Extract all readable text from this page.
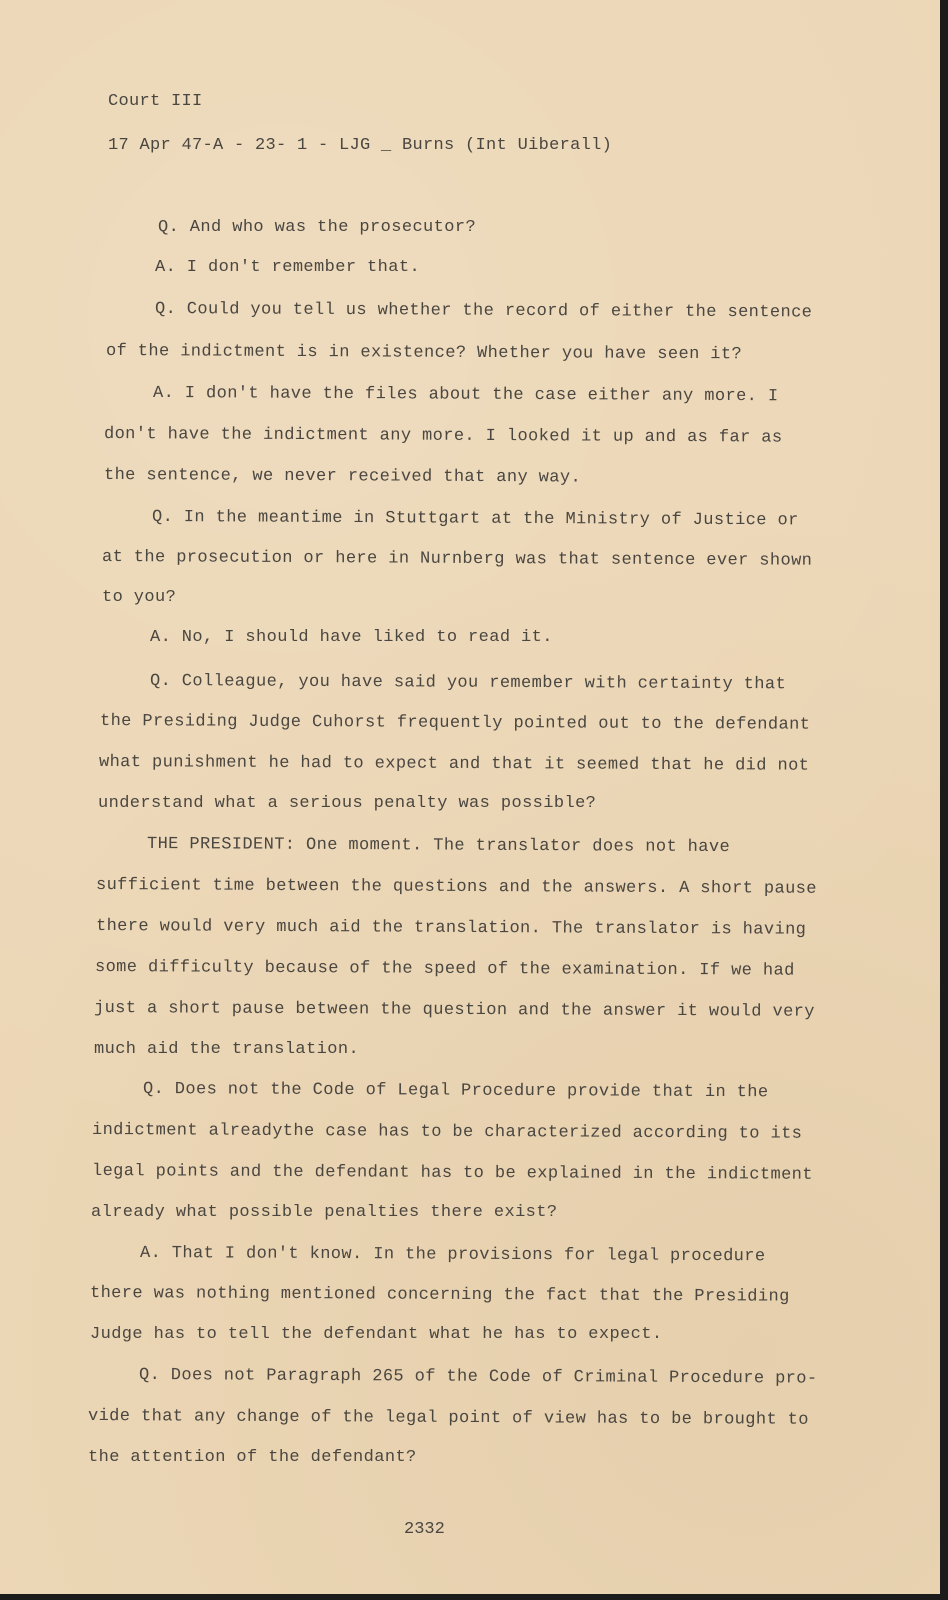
Court III
17 Apr 47-A - 23- 1 - LJG _ Burns (Int Uiberall)
Q. And who was the prosecutor?
A. I don't remember that.
Q. Could you tell us whether the record of either the sentence
of the indictment is in existence? Whether you have seen it?
A. I don't have the files about the case either any more. I
don't have the indictment any more. I looked it up and as far as
the sentence, we never received that any way.
Q. In the meantime in Stuttgart at the Ministry of Justice or
at the prosecution or here in Nurnberg was that sentence ever shown
to you?
A. No, I should have liked to read it.
Q. Colleague, you have said you remember with certainty that
the Presiding Judge Cuhorst frequently pointed out to the defendant
what punishment he had to expect and that it seemed that he did not
understand what a serious penalty was possible?
THE PRESIDENT: One moment. The translator does not have
sufficient time between the questions and the answers. A short pause
there would very much aid the translation. The translator is having
some difficulty because of the speed of the examination. If we had
just a short pause between the question and the answer it would very
much aid the translation.
Q. Does not the Code of Legal Procedure provide that in the
indictment alreadythe case has to be characterized according to its
legal points and the defendant has to be explained in the indictment
already what possible penalties there exist?
A. That I don't know. In the provisions for legal procedure
there was nothing mentioned concerning the fact that the Presiding
Judge has to tell the defendant what he has to expect.
Q. Does not Paragraph 265 of the Code of Criminal Procedure pro-
vide that any change of the legal point of view has to be brought to
the attention of the defendant?
2332
